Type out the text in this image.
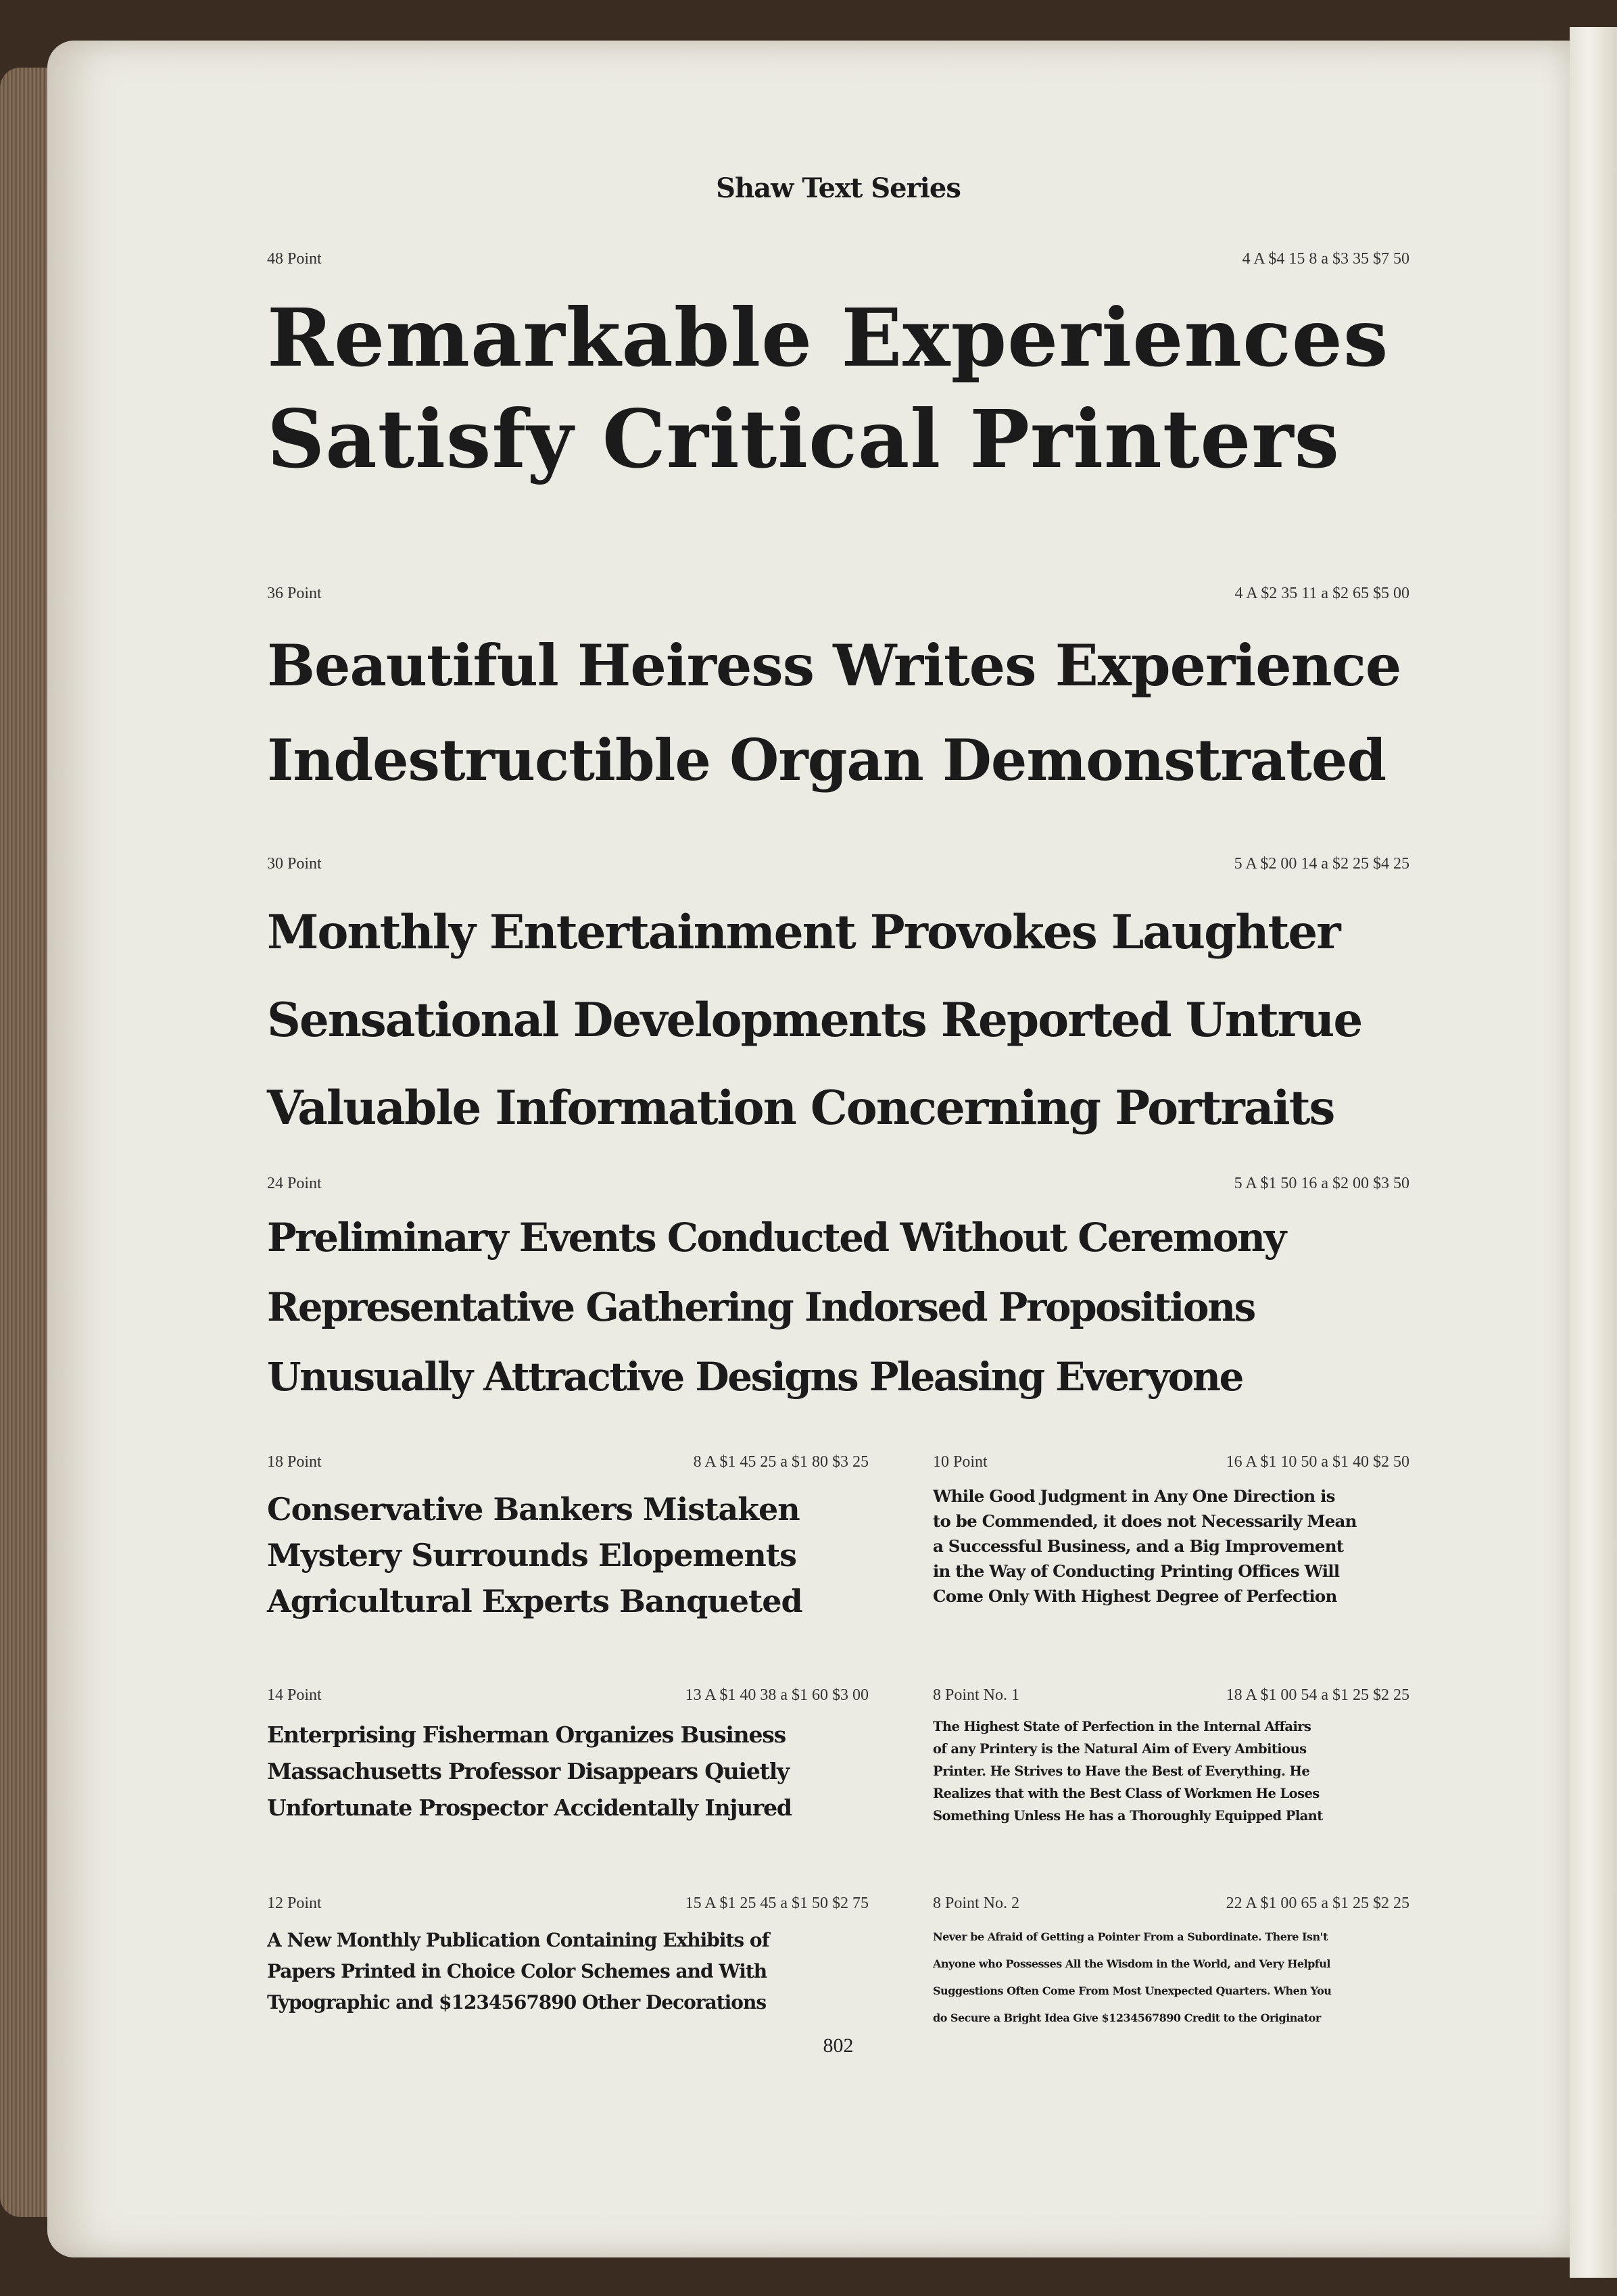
Shaw Text Series
48 Point	4 A $4 15 8 a $3 35 $7 50
Remarkable Experiences
Satisfy Critical Printers
36 Point	4 A $2 35 11 a $2 65 $5 00
Beautiful Heiress Writes Experience
Indestructible Organ Demonstrated
30 Point	5 A $2 00 14 a $2 25 $4 25
Monthly Entertainment Provokes Laughter
Sensational Developments Reported Untrue
Valuable Information Concerning Portraits
24 Point	5 A $1 50 16 a $2 00 $3 50
Preliminary Events Conducted Without Ceremony
Representative Gathering Indorsed Propositions
Unusually Attractive Designs Pleasing Everyone
18 Point	8 A $1 45 25 a $1 80 $3 25
Conservative Bankers Mistaken
Mystery Surrounds Elopements
Agricultural Experts Banqueted
10 Point	16 A $1 10 50 a $1 40 $2 50
While Good Judgment in Any One Direction is
to be Commended, it does not Necessarily Mean
a Successful Business, and a Big Improvement
in the Way of Conducting Printing Offices Will
Come Only With Highest Degree of Perfection
14 Point	13 A $1 40 38 a $1 60 $3 00
Enterprising Fisherman Organizes Business
Massachusetts Professor Disappears Quietly
Unfortunate Prospector Accidentally Injured
8 Point No. 1	18 A $1 00 54 a $1 25 $2 25
The Highest State of Perfection in the Internal Affairs
of any Printery is the Natural Aim of Every Ambitious
Printer. He Strives to Have the Best of Everything. He
Realizes that with the Best Class of Workmen He Loses
Something Unless He has a Thoroughly Equipped Plant
12 Point	15 A $1 25 45 a $1 50 $2 75
A New Monthly Publication Containing Exhibits of
Papers Printed in Choice Color Schemes and With
Typographic and $1234567890 Other Decorations
8 Point No. 2	22 A $1 00 65 a $1 25 $2 25
Never be Afraid of Getting a Pointer From a Subordinate. There Isn't
Anyone who Possesses All the Wisdom in the World, and Very Helpful
Suggestions Often Come From Most Unexpected Quarters. When You
do Secure a Bright Idea Give $1234567890 Credit to the Originator
802
